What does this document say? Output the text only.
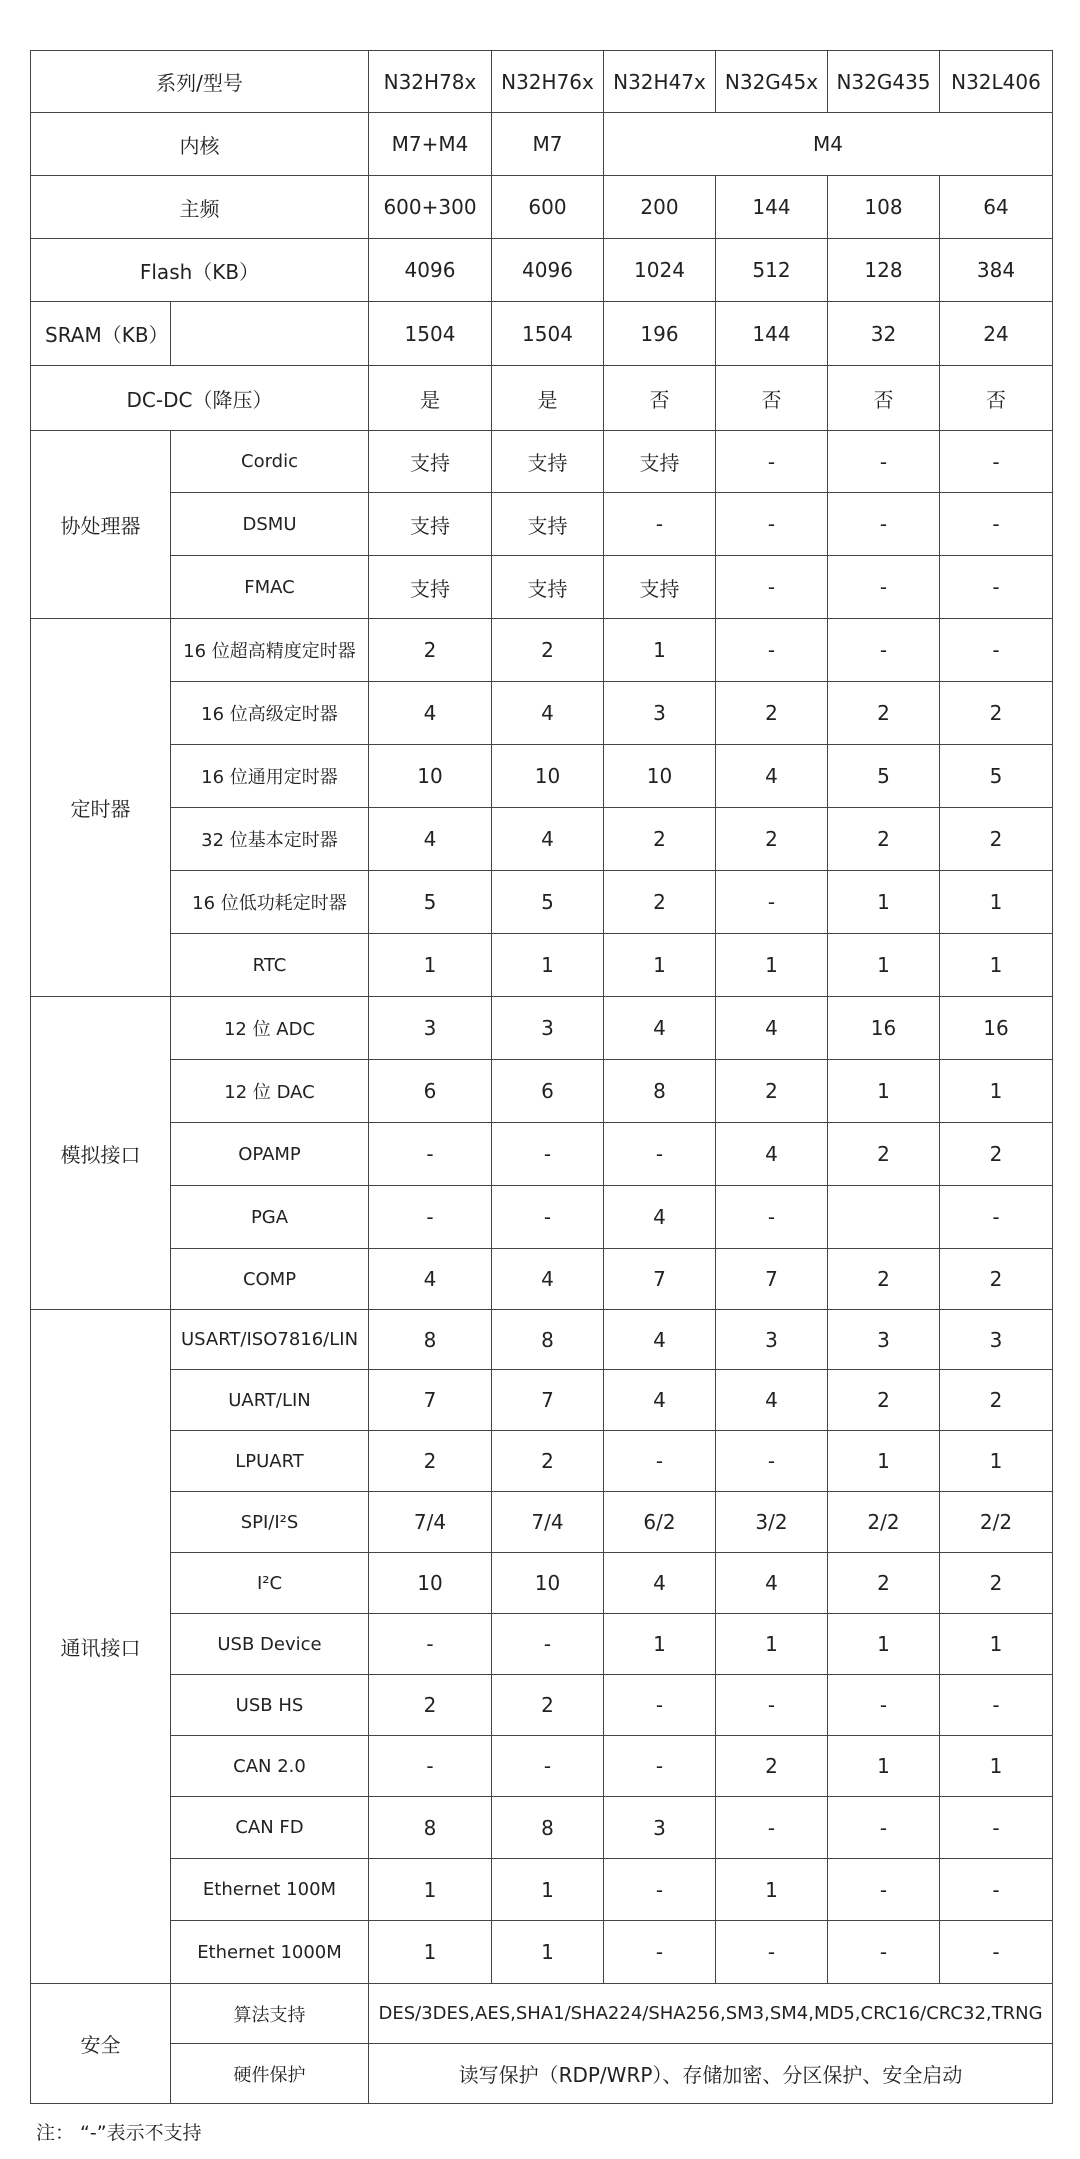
系列/型号		N32H78x	N32H76x	N32H47x	N32G45x	N32G435	N32L406
内核		M7+M4	M7	M4			
主频		600+300	600	200	144	108	64
Flash（KB）		4096	4096	1024	512	128	384
SRAM（KB）		1504	1504	196	144	32	24
DC-DC（降压）		是	是	否	否	否	否
协处理器	Cordic	支持	支持	支持	-	-	-
	DSMU	支持	支持	-	-	-	-
	FMAC	支持	支持	支持	-	-	-
定时器	16 位超高精度定时器	2	2	1	-	-	-
	16 位高级定时器	4	4	3	2	2	2
	16 位通用定时器	10	10	10	4	5	5
	32 位基本定时器	4	4	2	2	2	2
	16 位低功耗定时器	5	5	2	-	1	1
	RTC	1	1	1	1	1	1
模拟接口	12 位 ADC	3	3	4	4	16	16
	12 位 DAC	6	6	8	2	1	1
	OPAMP	-	-	-	4	2	2
	PGA	-	-	4	-		-
	COMP	4	4	7	7	2	2
通讯接口	USART/ISO7816/LIN	8	8	4	3	3	3
	UART/LIN	7	7	4	4	2	2
	LPUART	2	2	-	-	1	1
	SPI/I²S	7/4	7/4	6/2	3/2	2/2	2/2
	I²C	10	10	4	4	2	2
	USB Device	-	-	1	1	1	1
	USB HS	2	2	-	-	-	-
	CAN 2.0	-	-	-	2	1	1
	CAN FD	8	8	3	-	-	-
	Ethernet 100M	1	1	-	1	-	-
	Ethernet 1000M	1	1	-	-	-	-
安全	算法支持	DES/3DES,AES,SHA1/SHA224/SHA256,SM3,SM4,MD5,CRC16/CRC32,TRNG					
	硬件保护	读写保护（RDP/WRP）、存储加密、分区保护、安全启动					
注： “-”表示不支持
